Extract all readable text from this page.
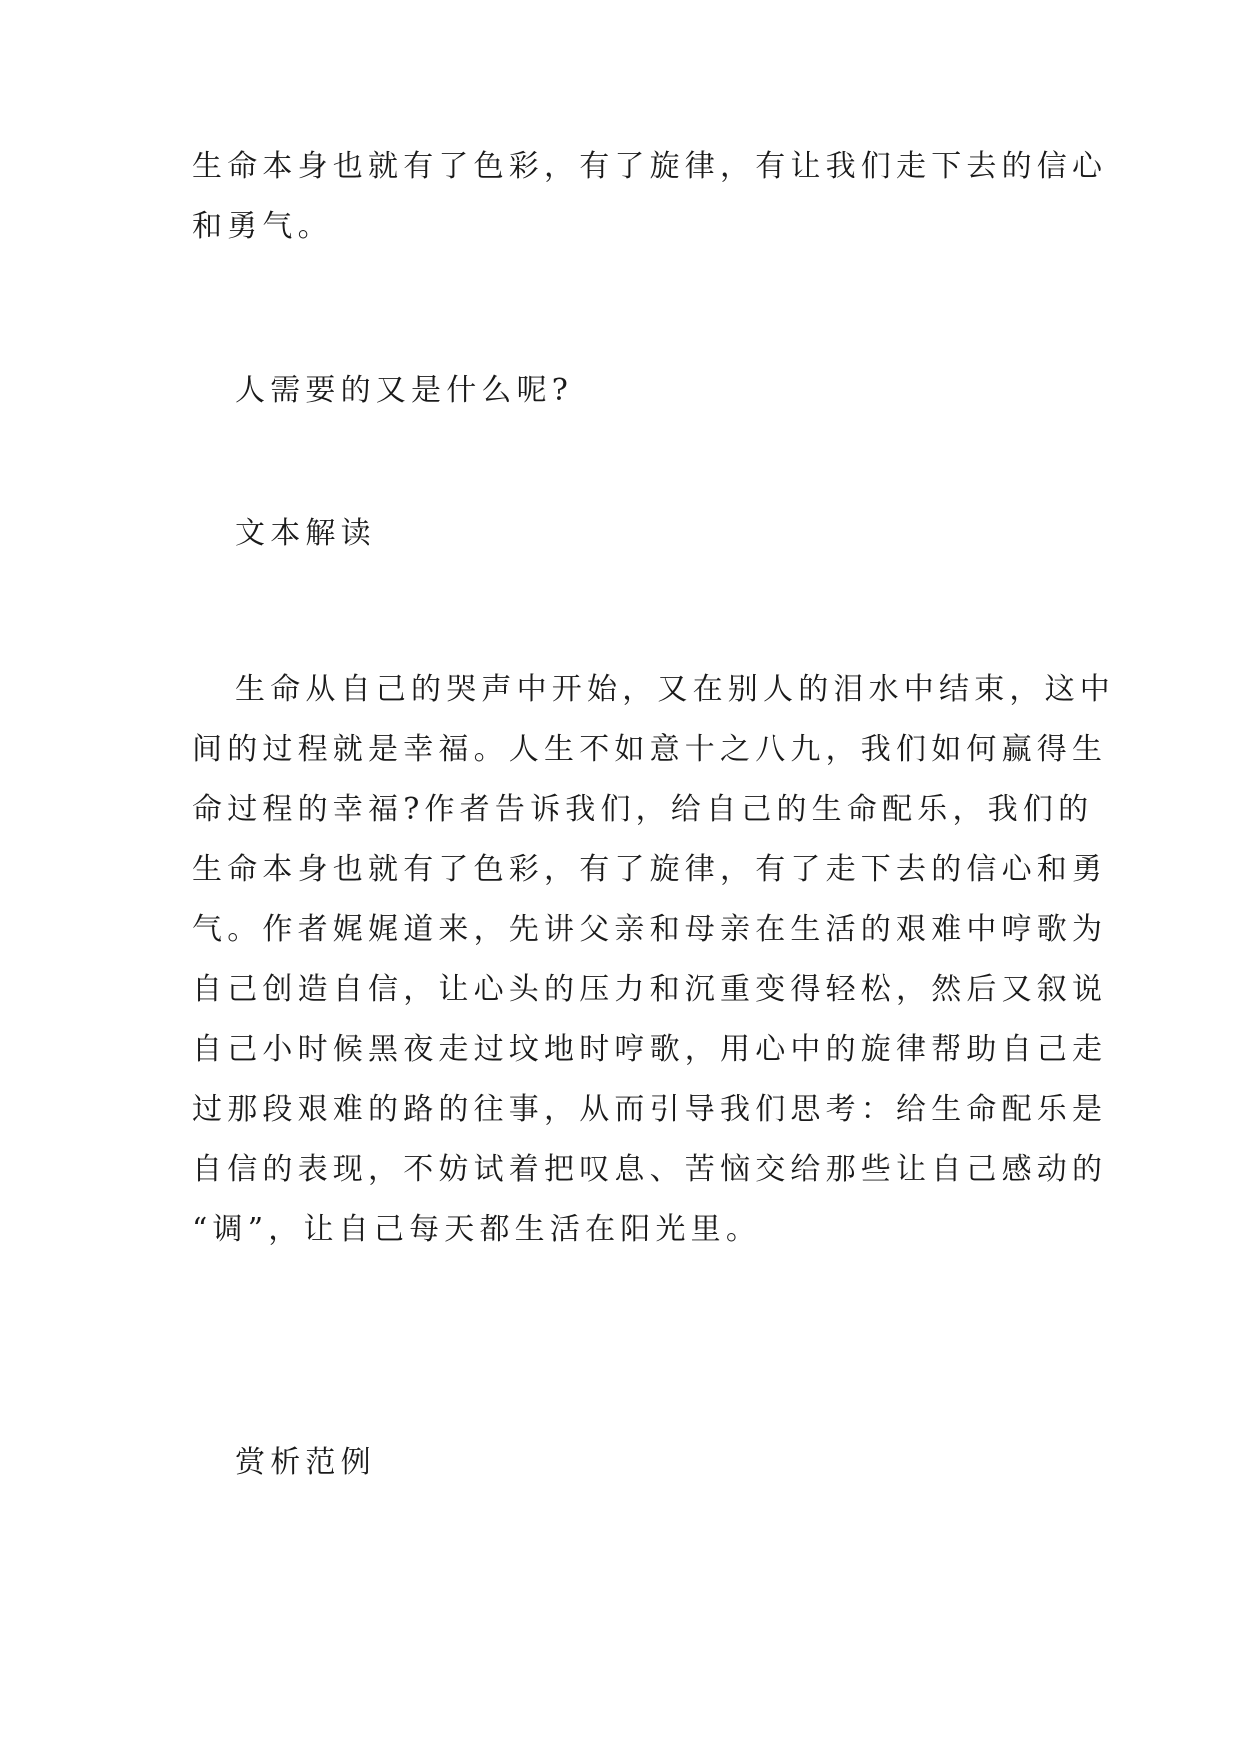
生命本身也就有了色彩，有了旋律，有让我们走下去的信心
和勇气。

人需要的又是什么呢?

文本解读

生命从自己的哭声中开始，又在别人的泪水中结束，这中
间的过程就是幸福。人生不如意十之八九，我们如何赢得生
命过程的幸福?作者告诉我们，给自己的生命配乐，我们的
生命本身也就有了色彩，有了旋律，有了走下去的信心和勇
气。作者娓娓道来，先讲父亲和母亲在生活的艰难中哼歌为
自己创造自信，让心头的压力和沉重变得轻松，然后又叙说
自己小时候黑夜走过坟地时哼歌，用心中的旋律帮助自己走
过那段艰难的路的往事，从而引导我们思考：给生命配乐是
自信的表现，不妨试着把叹息、苦恼交给那些让自己感动的
“调”，让自己每天都生活在阳光里。

赏析范例
